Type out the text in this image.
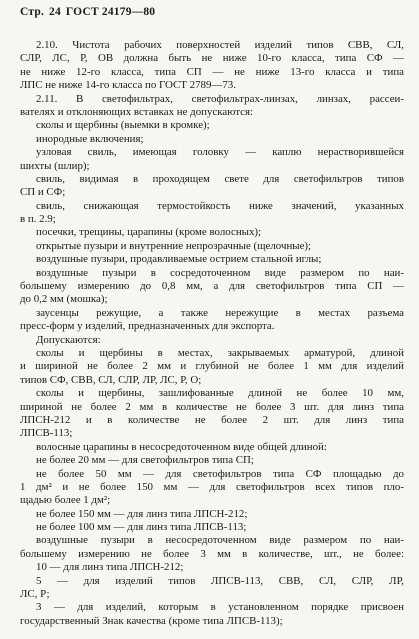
Стр. 24 ГОСТ 24179—80
2.10. Чистота рабочих поверхностей изделий типов СВВ, СЛ,
СЛР, ЛС, Р, ОВ должна быть не ниже 10-го класса, типа СФ —
не ниже 12-го класса, типа СП — не ниже 13-го класса и типа
ЛПС не ниже 14-го класса по ГОСТ 2789—73.
2.11. В светофильтрах, светофильтрах-линзах, линзах, рассеи-
вателях и отклоняющих вставках не допускаются:
сколы и щербины (выемки в кромке);
инородные включения;
узловая свиль, имеющая головку — каплю нерастворившейся
шихты (шлир);
свиль, видимая в проходящем свете для светофильтров типов
СП и СФ;
свиль, снижающая термостойкость ниже значений, указанных
в п. 2.9;
посечки, трещины, царапины (кроме волосных);
открытые пузыри и внутренние непрозрачные (щелочные);
воздушные пузыри, продавливаемые острием стальной иглы;
воздушные пузыри в сосредоточенном виде размером по наи-
большему измерению до 0,8 мм, а для светофильтров типа СП —
до 0,2 мм (мошка);
заусенцы режущие, а также нережущие в местах разъема
пресс-форм у изделий, предназначенных для экспорта.
Допускаются:
сколы и щербины в местах, закрываемых арматурой, длиной
и шириной не более 2 мм и глубиной не более 1 мм для изделий
типов СФ, СВВ, СЛ, СЛР, ЛР, ЛС, Р, О;
сколы и щербины, зашлифованные длиной не более 10 мм,
шириной не более 2 мм в количестве не более 3 шт. для линз типа
ЛПСН-212 и в количестве не более 2 шт. для линз типа
ЛПСВ-113;
волосные царапины в несосредоточенном виде общей длиной:
не более 20 мм — для светофильтров типа СП;
не более 50 мм — для светофильтров типа СФ площадью до
1 дм² и не более 150 мм — для светофильтров всех типов пло-
щадью более 1 дм²;
не более 150 мм — для линз типа ЛПСН-212;
не более 100 мм — для линз типа ЛПСВ-113;
воздушные пузыри в несосредоточенном виде размером по наи-
большему измерению не более 3 мм в количестве, шт., не более:
10 — для линз типа ЛПСН-212;
5 — для изделий типов ЛПСВ-113, СВВ, СЛ, СЛР, ЛР,
ЛС, Р;
3 — для изделий, которым в установленном порядке присвоен
государственный Знак качества (кроме типа ЛПСВ-113);
